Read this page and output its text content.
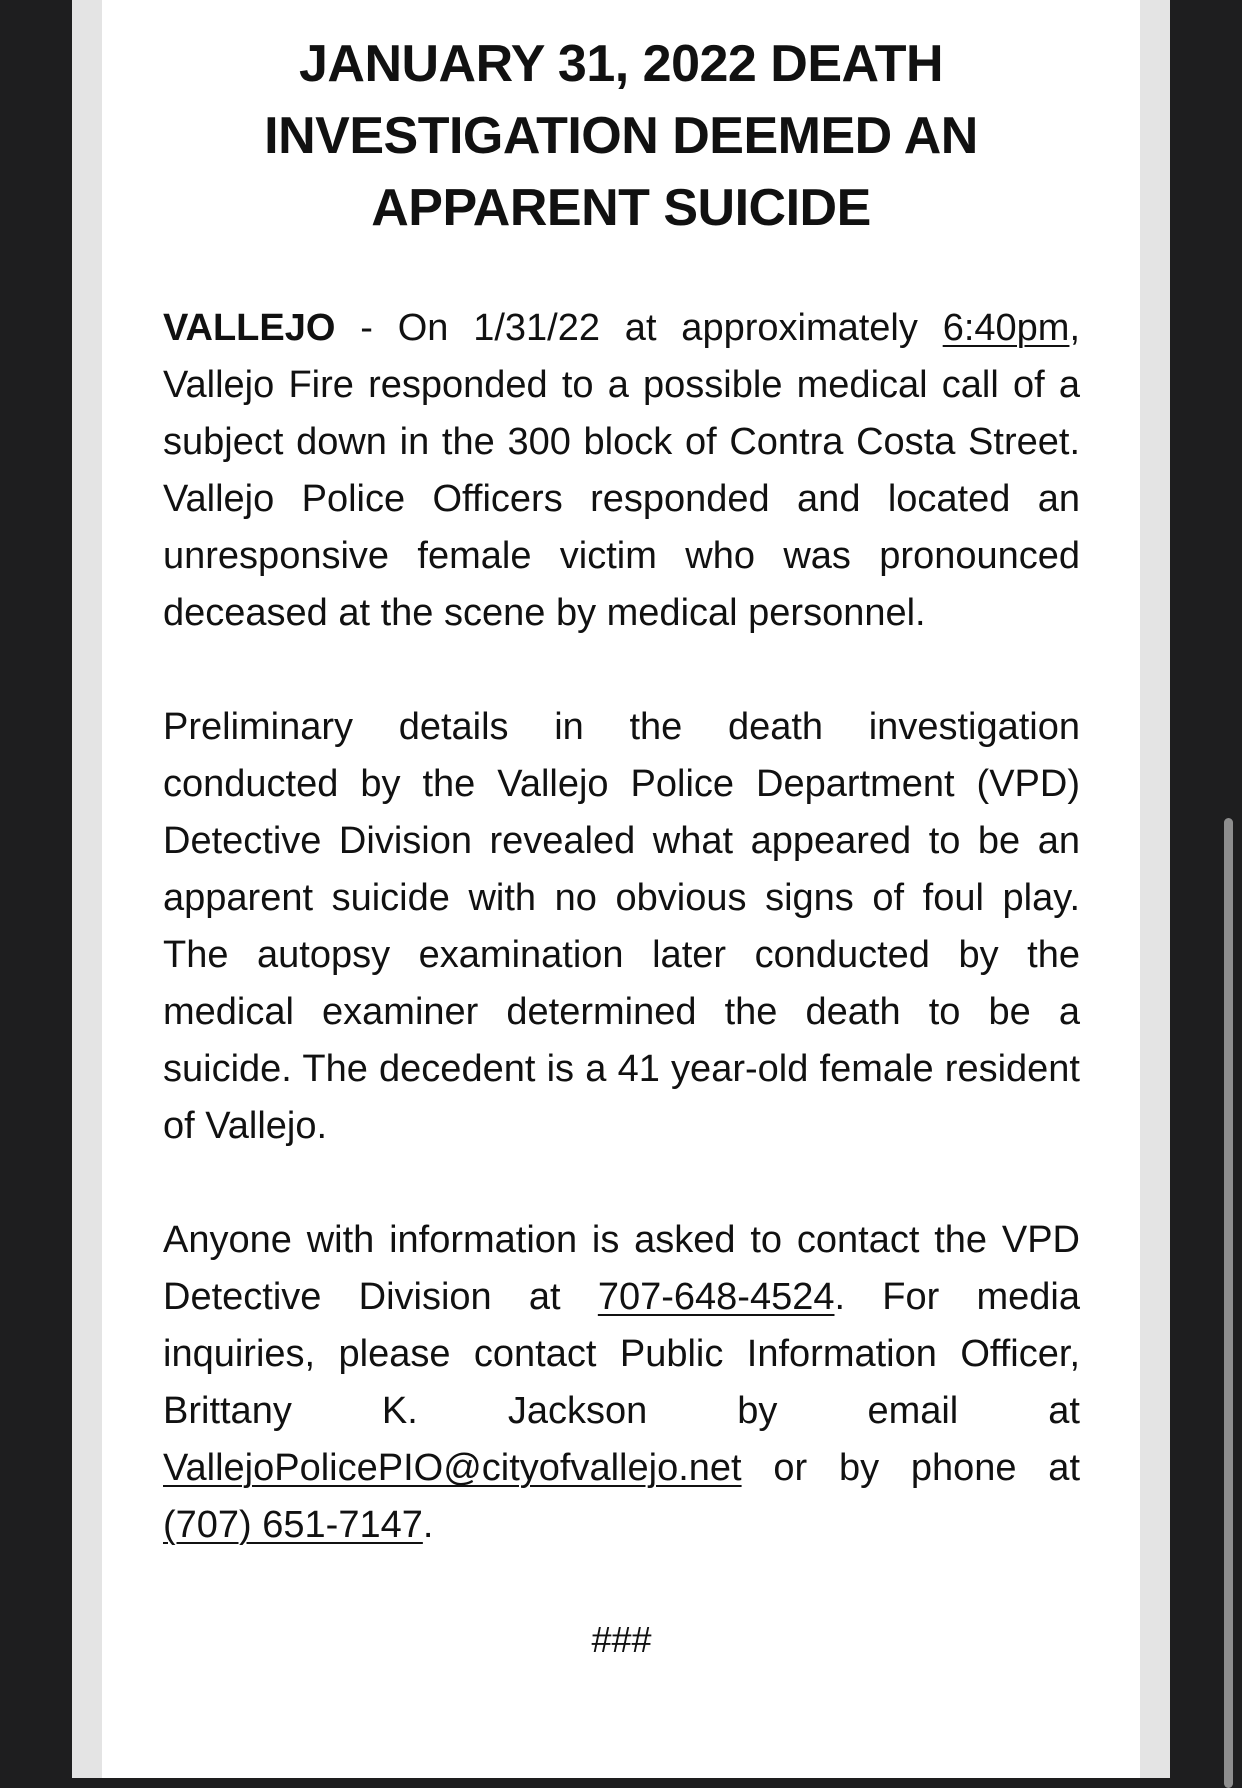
JANUARY 31, 2022 DEATH
INVESTIGATION DEEMED AN
APPARENT SUICIDE

VALLEJO - On 1/31/22 at approximately 6:40pm, Vallejo Fire responded to a possible medical call of a subject down in the 300 block of Contra Costa Street. Vallejo Police Officers responded and located an unresponsive female victim who was pronounced deceased at the scene by medical personnel.

Preliminary details in the death investigation conducted by the Vallejo Police Department (VPD) Detective Division revealed what appeared to be an apparent suicide with no obvious signs of foul play. The autopsy examination later conducted by the medical examiner determined the death to be a suicide. The decedent is a 41 year-old female resident of Vallejo.

Anyone with information is asked to contact the VPD Detective Division at 707-648-4524. For media inquiries, please contact Public Information Officer, Brittany K. Jackson by email at VallejoPolicePIO@cityofvallejo.net or by phone at (707) 651-7147.

###
